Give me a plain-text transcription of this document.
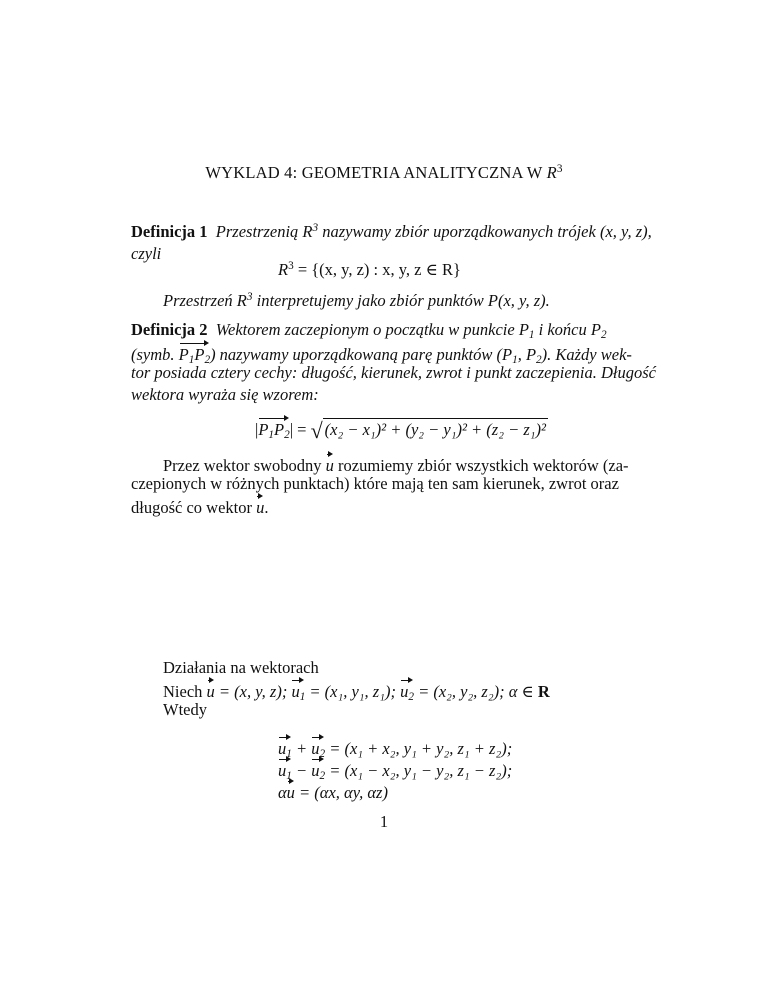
WYKLAD 4: GEOMETRIA ANALITYCZNA W $R^3$
Definicja 1 Przestrzenią $R^3$ nazywamy zbiór uporządkowanych trójek (x, y, z),
czyli
$R^3 = \{(x$, y, z) : x, y, z ∈ R}
Przestrzeń $R^3$ interpretujemy jako zbiór punktów P(x, y, z).
Definicja 2 Wektorem zaczepionym o początku w punkcie $P_1$ i końcu $P_2$
(symb. $P_1P_2$) nazywamy uporządkowaną parę punktów ($P_1$, $P_2$). Każdy wek-
tor posiada cztery cechy: długość, kierunek, zwrot i punkt zaczepienia. Długość
wektora wyraża się wzorem:
$|P_1P_2|$ = √ (x₂ − x₁)² + (y₂ − y₁)² + (z₂ − z₁)²
Przez wektor swobodny u rozumiemy zbiór wszystkich wektorów (za-
czepionych w różnych punktach) które mają ten sam kierunek, zwrot oraz
długość co wektor u.
Działania na wektorach
Niech u = (x, y, z); $u_1 = (x_1$, y₁, z₁); $u_2 = (x_2$, y₂, z₂); α ∈ R
Wtedy
$u_1 + u_2 = (x_1 + x_2$, y₁ + y₂, z₁ + z₂);
$u_1 - u_2 = (x_1 - x_2$, y₁ − y₂, z₁ − z₂);
αu = (αx, αy, αz)
1
